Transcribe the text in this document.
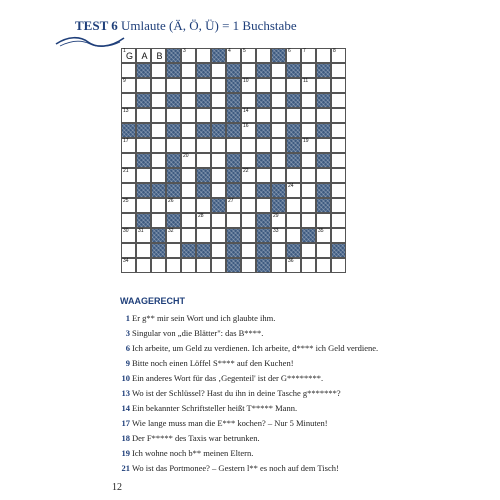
TEST 6 Umlaute (Ä, Ö, Ü) = 1 Buchstabe
1 G A B	3	4 5	6 7	8
9	10	11
13	14
16
17	19
20
21	22
24
25	26	27
28	29
30 31	32	33	35
34	36
WAAGERECHT
1 Er g** mir sein Wort und ich glaubte ihm.
3 Singular von „die Blätter": das B****.
6 Ich arbeite, um Geld zu verdienen. Ich arbeite, d**** ich Geld verdiene.
9 Bitte noch einen Löffel S**** auf den Kuchen!
10 Ein anderes Wort für das ‚Gegenteil' ist der G********.
13 Wo ist der Schlüssel? Hast du ihn in deine Tasche g*******?
14 Ein bekannter Schriftsteller heißt T***** Mann.
17 Wie lange muss man die E*** kochen? – Nur 5 Minuten!
18 Der F***** des Taxis war betrunken.
19 Ich wohne noch b** meinen Eltern.
21 Wo ist das Portmonee? – Gestern l** es noch auf dem Tisch!
12
